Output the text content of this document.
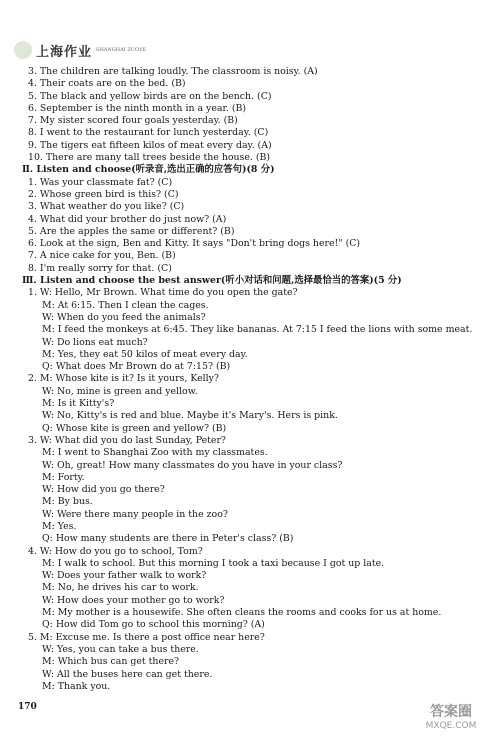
上海作业 SHANGHAI ZUOYE
3. The children are talking loudly. The classroom is noisy. (A)
4. Their coats are on the bed. (B)
5. The black and yellow birds are on the bench. (C)
6. September is the ninth month in a year. (B)
7. My sister scored four goals yesterday. (B)
8. I went to the restaurant for lunch yesterday. (C)
9. The tigers eat fifteen kilos of meat every day. (A)
10. There are many tall trees beside the house. (B)
Ⅱ. Listen and choose(听录音,选出正确的应答句)(8 分)
1. Was your classmate fat? (C)
2. Whose green bird is this? (C)
3. What weather do you like? (C)
4. What did your brother do just now? (A)
5. Are the apples the same or different? (B)
6. Look at the sign, Ben and Kitty. It says "Don't bring dogs here!" (C)
7. A nice cake for you, Ben. (B)
8. I'm really sorry for that. (C)
Ⅲ. Listen and choose the best answer(听小对话和问题,选择最恰当的答案)(5 分)
1. W: Hello, Mr Brown. What time do you open the gate?
M: At 6:15. Then I clean the cages.
W: When do you feed the animals?
M: I feed the monkeys at 6:45. They like bananas. At 7:15 I feed the lions with some meat.
W: Do lions eat much?
M: Yes, they eat 50 kilos of meat every day.
Q: What does Mr Brown do at 7:15? (B)
2. M: Whose kite is it? Is it yours, Kelly?
W: No, mine is green and yellow.
M: Is it Kitty's?
W: No, Kitty's is red and blue. Maybe it's Mary's. Hers is pink.
Q: Whose kite is green and yellow? (B)
3. W: What did you do last Sunday, Peter?
M: I went to Shanghai Zoo with my classmates.
W: Oh, great! How many classmates do you have in your class?
M: Forty.
W: How did you go there?
M: By bus.
W: Were there many people in the zoo?
M: Yes.
Q: How many students are there in Peter's class? (B)
4. W: How do you go to school, Tom?
M: I walk to school. But this morning I took a taxi because I got up late.
W: Does your father walk to work?
M: No, he drives his car to work.
W: How does your mother go to work?
M: My mother is a housewife. She often cleans the rooms and cooks for us at home.
Q: How did Tom go to school this morning? (A)
5. M: Excuse me. Is there a post office near here?
W: Yes, you can take a bus there.
M: Which bus can get there?
W: All the buses here can get there.
M: Thank you.
170	答案圈
MXQE.COM
